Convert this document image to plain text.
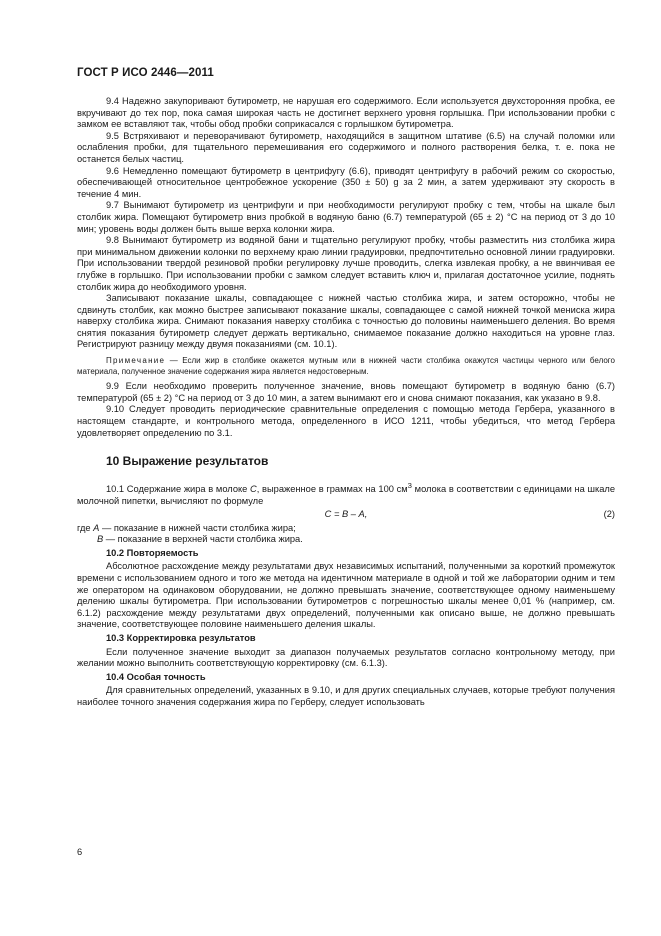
ГОСТ Р ИСО 2446—2011

9.4 Надежно закупоривают бутирометр, не нарушая его содержимого. Если используется двухсторонняя пробка, ее вкручивают до тех пор, пока самая широкая часть не достигнет верхнего уровня горлышка. При использовании пробки с замком ее вставляют так, чтобы обод пробки соприкасался с горлышком бутирометра.

9.5 Встряхивают и переворачивают бутирометр, находящийся в защитном штативе (6.5) на случай поломки или ослабления пробки, для тщательного перемешивания его содержимого и полного растворения белка, т. е. пока не останется белых частиц.

9.6 Немедленно помещают бутирометр в центрифугу (6.6), приводят центрифугу в рабочий режим со скоростью, обеспечивающей относительное центробежное ускорение (350 ± 50) g за 2 мин, а затем удерживают эту скорость в течение 4 мин.

9.7 Вынимают бутирометр из центрифуги и при необходимости регулируют пробку с тем, чтобы на шкале был столбик жира. Помещают бутирометр вниз пробкой в водяную баню (6.7) температурой (65 ± 2) °С на период от 3 до 10 мин; уровень воды должен быть выше верха колонки жира.

9.8 Вынимают бутирометр из водяной бани и тщательно регулируют пробку, чтобы разместить низ столбика жира при минимальном движении колонки по верхнему краю линии градуировки, предпочтительно основной линии градуировки. При использовании твердой резиновой пробки регулировку лучше проводить, слегка извлекая пробку, а не ввинчивая ее глубже в горлышко. При использовании пробки с замком следует вставить ключ и, прилагая достаточное усилие, поднять столбик жира до необходимого уровня.

Записывают показание шкалы, совпадающее с нижней частью столбика жира, и затем осторожно, чтобы не сдвинуть столбик, как можно быстрее записывают показание шкалы, совпадающее с самой нижней точкой мениска жира наверху столбика жира. Снимают показания наверху столбика с точностью до половины наименьшего деления. Во время снятия показания бутирометр следует держать вертикально, снимаемое показание должно находиться на уровне глаз. Регистрируют разницу между двумя показаниями (см. 10.1).

Примечание — Если жир в столбике окажется мутным или в нижней части столбика окажутся частицы черного или белого материала, полученное значение содержания жира является недостоверным.

9.9 Если необходимо проверить полученное значение, вновь помещают бутирометр в водяную баню (6.7) температурой (65 ± 2) °С на период от 3 до 10 мин, а затем вынимают его и снова снимают показания, как указано в 9.8.

9.10 Следует проводить периодические сравнительные определения с помощью метода Гербера, указанного в настоящем стандарте, и контрольного метода, определенного в ИСО 1211, чтобы убедиться, что метод Гербера удовлетворяет определению по 3.1.

10 Выражение результатов

10.1 Содержание жира в молоке С, выраженное в граммах на 100 $см^3$ молока в соответствии с единицами на шкале молочной пипетки, вычисляют по формуле

С = В – А,	(2)

где А — показание в нижней части столбика жира;

В — показание в верхней части столбика жира.

10.2 Повторяемость

Абсолютное расхождение между результатами двух независимых испытаний, полученными за короткий промежуток времени с использованием одного и того же метода на идентичном материале в одной и той же лаборатории одним и тем же оператором на одинаковом оборудовании, не должно превышать значение, соответствующее одному наименьшему делению шкалы бутирометра. При использовании бутирометров с погрешностью шкалы менее 0,01 % (например, см. 6.1.2) расхождение между результатами двух определений, полученными как описано выше, не должно превышать значение, соответствующее половине наименьшего деления шкалы.

10.3 Корректировка результатов

Если полученное значение выходит за диапазон получаемых результатов согласно контрольному методу, при желании можно выполнить соответствующую корректировку (см. 6.1.3).

10.4 Особая точность

Для сравнительных определений, указанных в 9.10, и для других специальных случаев, которые требуют получения наиболее точного значения содержания жира по Герберу, следует использовать

6
